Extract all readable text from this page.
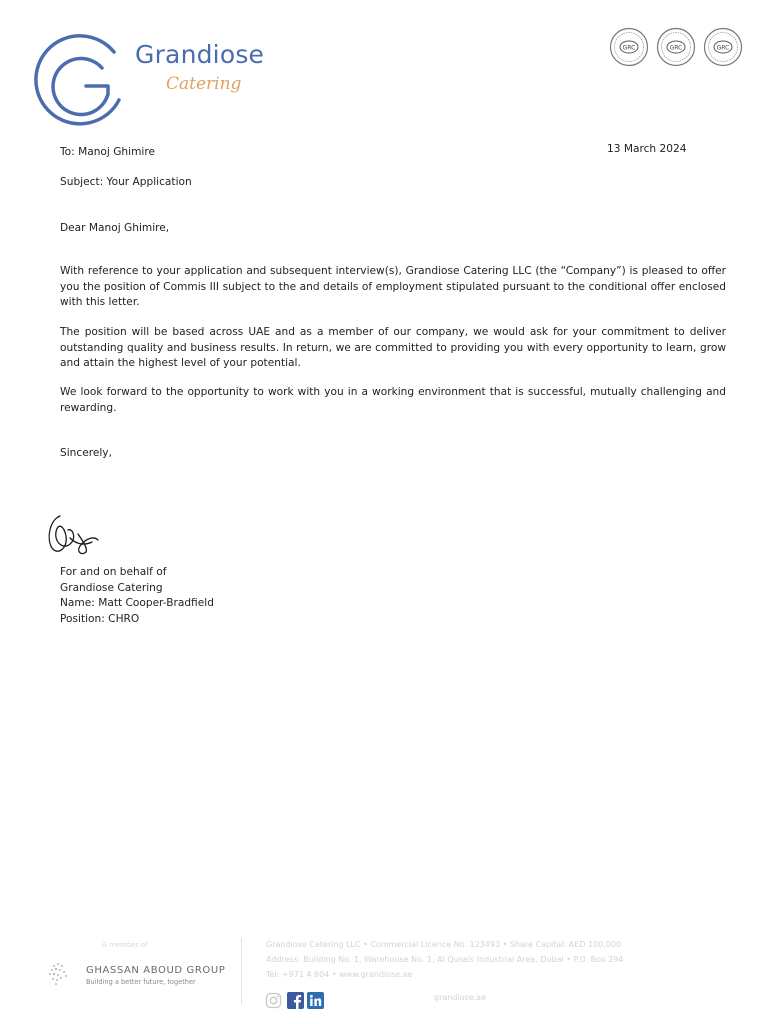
Grandiose
Catering
GRC	GRC	GRC
13 March 2024
To: Manoj Ghimire
Subject: Your Application
Dear Manoj Ghimire,
With reference to your application and subsequent interview(s), Grandiose Catering LLC (the “Company”) is pleased to offer you the position of Commis III subject to the and details of employment stipulated pursuant to the conditional offer enclosed with this letter.
The position will be based across UAE and as a member of our company, we would ask for your commitment to deliver outstanding quality and business results. In return, we are committed to providing you with every opportunity to learn, grow and attain the highest level of your potential.
We look forward to the opportunity to work with you in a working environment that is successful, mutually challenging and rewarding.
Sincerely,
For and on behalf of
Grandiose Catering
Name: Matt Cooper-Bradfield
Position: CHRO
A member of
GHASSAN ABOUD GROUP
Building a better future, together
Grandiose Catering LLC • Commercial Licence No. 123493 • Share Capital: AED 100,000
Address: Building No. 1, Warehouse No. 1, Al Qusais Industrial Area, Dubai • P.O. Box 294
Tel: +971 4 804 • www.grandiose.ae
grandiose.ae
